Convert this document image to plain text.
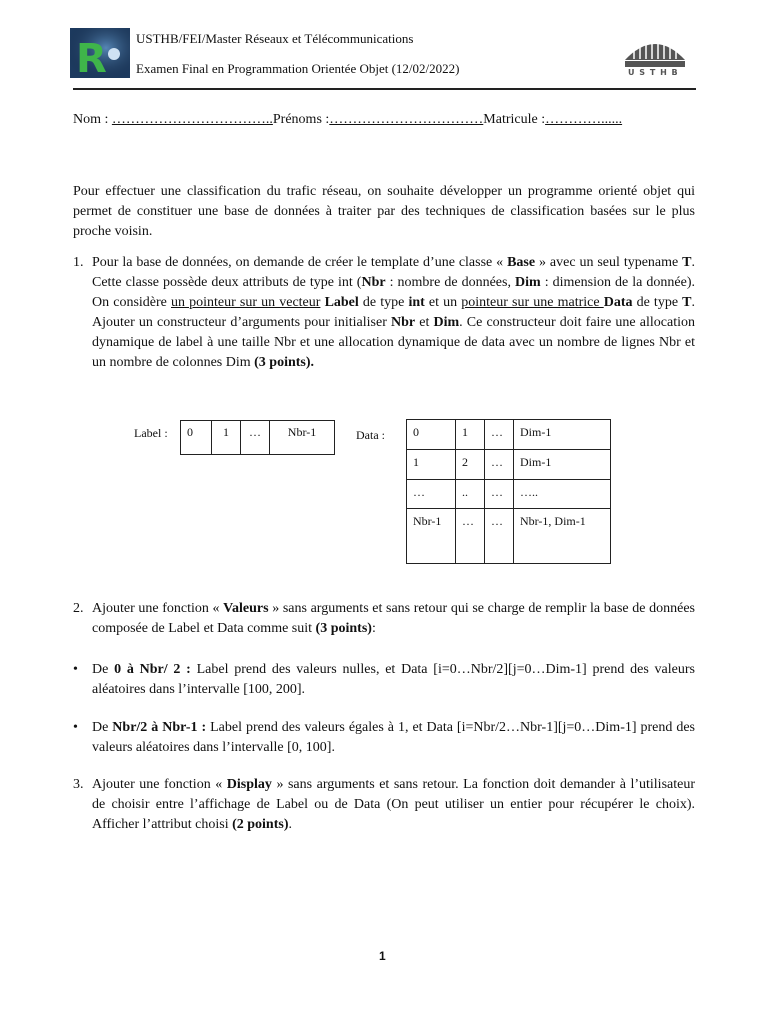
R USTHB/FEI/Master Réseaux et Télécommunications
Examen Final en Programmation Orientée Objet (12/02/2022)	U S T H B
Nom : ……………………………..Prénoms :……………………………Matricule :…………......
Pour effectuer une classification du trafic réseau, on souhaite développer un programme orienté objet qui permet de constituer une base de données à traiter par des techniques de classification basées sur le plus proche voisin.
1. Pour la base de données, on demande de créer le template d’une classe « Base » avec un seul typename T. Cette classe possède deux attributs de type int (Nbr : nombre de données, Dim : dimension de la donnée). On considère un pointeur sur un vecteur Label de type int et un pointeur sur une matrice Data de type T. Ajouter un constructeur d’arguments pour initialiser Nbr et Dim. Ce constructeur doit faire une allocation dynamique de label à une taille Nbr et une allocation dynamique de data avec un nombre de lignes Nbr et un nombre de colonnes Dim (3 points).
Label : 0	1	…	Nbr-1	Data : 0	1	…	Dim-1
1	2	…	Dim-1
…	..	…	…..
Nbr-1	…	…	Nbr-1, Dim-1
2. Ajouter une fonction « Valeurs » sans arguments et sans retour qui se charge de remplir la base de données composée de Label et Data comme suit (3 points):
• De 0 à Nbr/ 2 : Label prend des valeurs nulles, et Data [i=0…Nbr/2][j=0…Dim-1] prend des valeurs aléatoires dans l’intervalle [100, 200].
• De Nbr/2 à Nbr-1 : Label prend des valeurs égales à 1, et Data [i=Nbr/2…Nbr-1][j=0…Dim-1] prend des valeurs aléatoires dans l’intervalle [0, 100].
3. Ajouter une fonction « Display » sans arguments et sans retour. La fonction doit demander à l’utilisateur de choisir entre l’affichage de Label ou de Data (On peut utiliser un entier pour récupérer le choix). Afficher l’attribut choisi (2 points).
1
